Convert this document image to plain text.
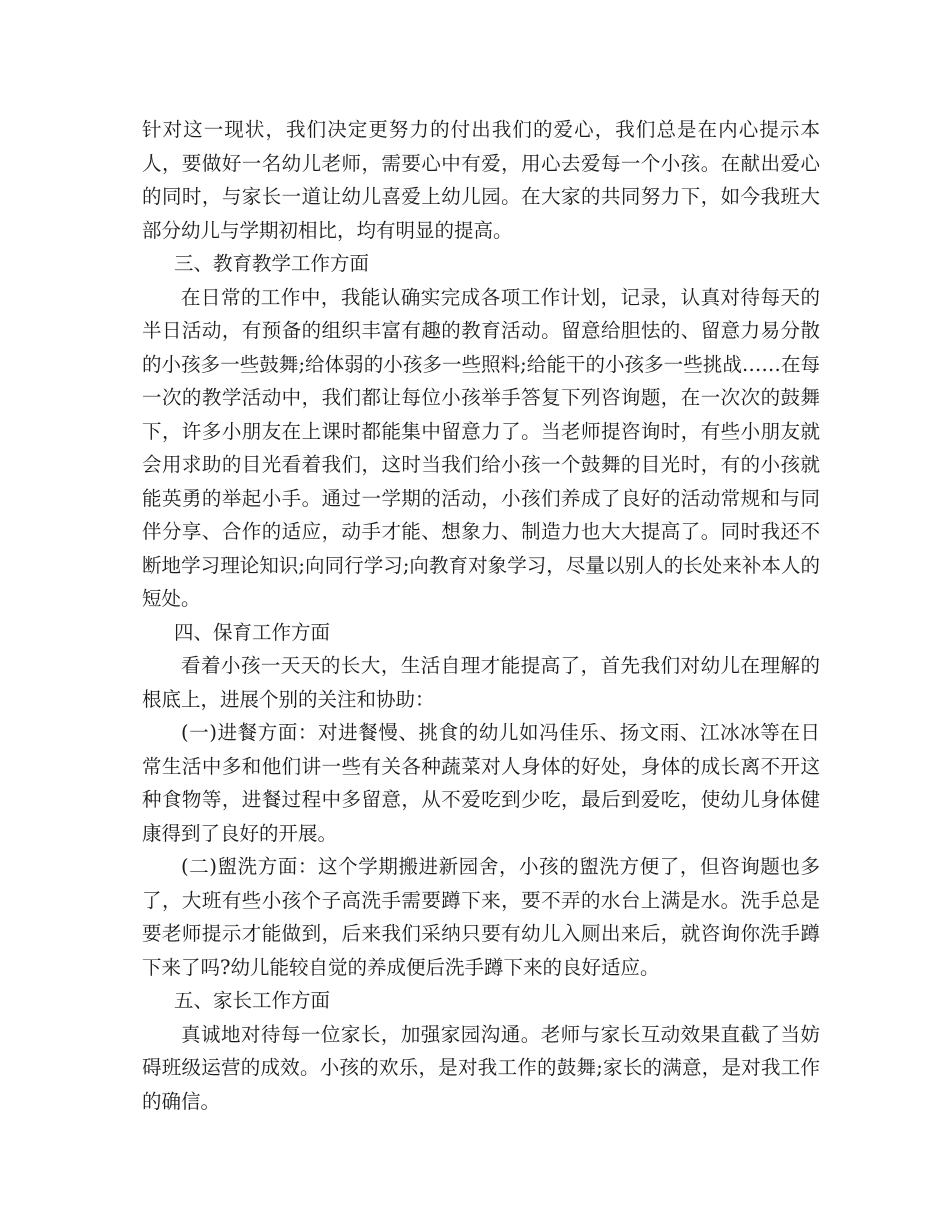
针对这一现状，我们决定更努力的付出我们的爱心，我们总是在内心提示本人，要做好一名幼儿老师，需要心中有爱，用心去爱每一个小孩。在献出爱心的同时，与家长一道让幼儿喜爱上幼儿园。在大家的共同努力下，如今我班大部分幼儿与学期初相比，均有明显的提高。

三、教育教学工作方面

在日常的工作中，我能认确实完成各项工作计划，记录，认真对待每天的半日活动，有预备的组织丰富有趣的教育活动。留意给胆怯的、留意力易分散的小孩多一些鼓舞;给体弱的小孩多一些照料;给能干的小孩多一些挑战……在每一次的教学活动中，我们都让每位小孩举手答复下列咨询题，在一次次的鼓舞下，许多小朋友在上课时都能集中留意力了。当老师提咨询时，有些小朋友就会用求助的目光看着我们，这时当我们给小孩一个鼓舞的目光时，有的小孩就能英勇的举起小手。通过一学期的活动，小孩们养成了良好的活动常规和与同伴分享、合作的适应，动手才能、想象力、制造力也大大提高了。同时我还不断地学习理论知识;向同行学习;向教育对象学习，尽量以别人的长处来补本人的短处。

四、保育工作方面

看着小孩一天天的长大，生活自理才能提高了，首先我们对幼儿在理解的根底上，进展个别的关注和协助：

(一)进餐方面：对进餐慢、挑食的幼儿如冯佳乐、扬文雨、江冰冰等在日常生活中多和他们讲一些有关各种蔬菜对人身体的好处，身体的成长离不开这种食物等，进餐过程中多留意，从不爱吃到少吃，最后到爱吃，使幼儿身体健康得到了良好的开展。

(二)盥洗方面：这个学期搬进新园舍，小孩的盥洗方便了，但咨询题也多了，大班有些小孩个子高洗手需要蹲下来，要不弄的水台上满是水。洗手总是要老师提示才能做到，后来我们采纳只要有幼儿入厕出来后，就咨询你洗手蹲下来了吗?幼儿能较自觉的养成便后洗手蹲下来的良好适应。

五、家长工作方面

真诚地对待每一位家长，加强家园沟通。老师与家长互动效果直截了当妨碍班级运营的成效。小孩的欢乐，是对我工作的鼓舞;家长的满意，是对我工作的确信。
